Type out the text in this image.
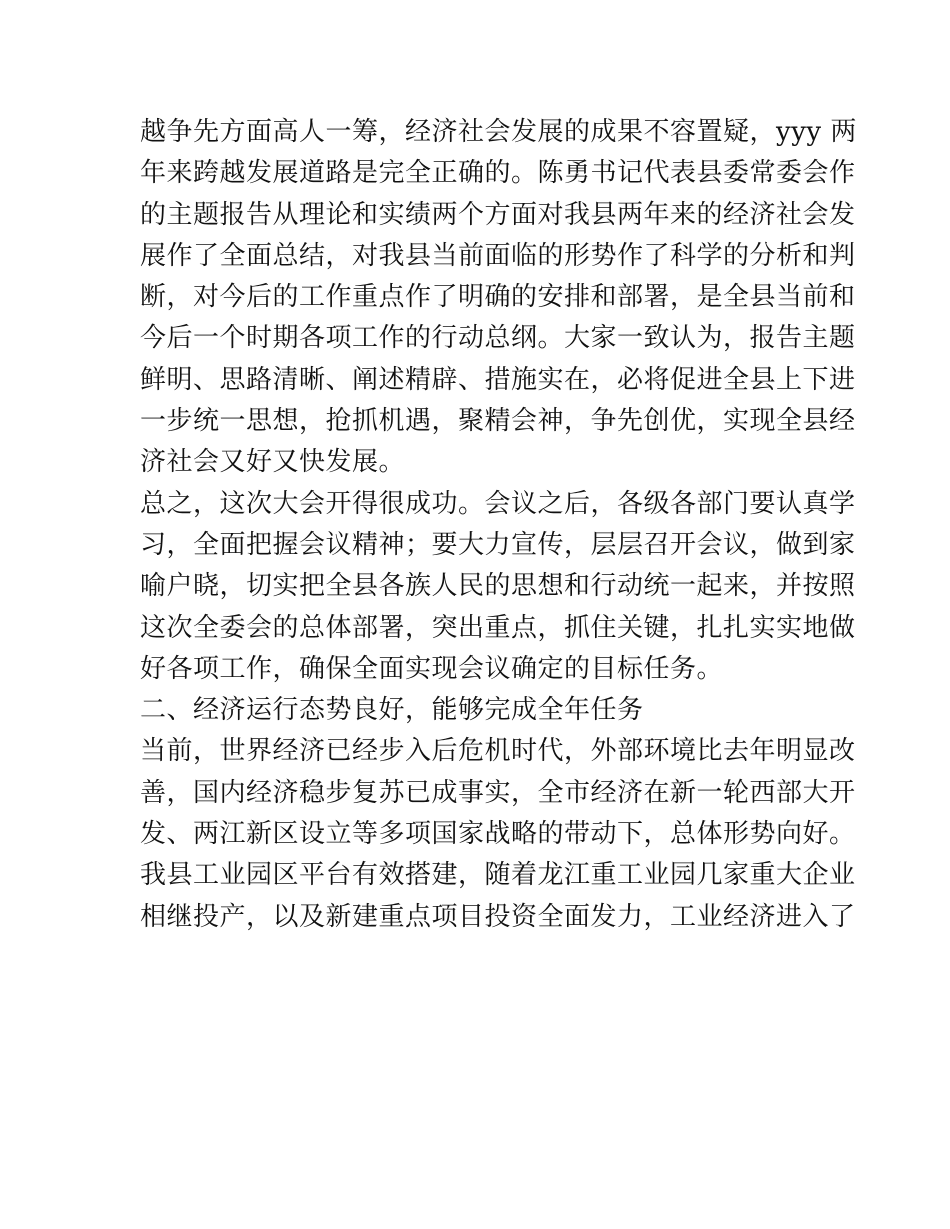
越争先方面高人一筹，经济社会发展的成果不容置疑，yyy 两
年来跨越发展道路是完全正确的。陈勇书记代表县委常委会作
的主题报告从理论和实绩两个方面对我县两年来的经济社会发
展作了全面总结，对我县当前面临的形势作了科学的分析和判
断，对今后的工作重点作了明确的安排和部署，是全县当前和
今后一个时期各项工作的行动总纲。大家一致认为，报告主题
鲜明、思路清晰、阐述精辟、措施实在，必将促进全县上下进
一步统一思想，抢抓机遇，聚精会神，争先创优，实现全县经
济社会又好又快发展。
总之，这次大会开得很成功。会议之后，各级各部门要认真学
习，全面把握会议精神；要大力宣传，层层召开会议，做到家
喻户晓，切实把全县各族人民的思想和行动统一起来，并按照
这次全委会的总体部署，突出重点，抓住关键，扎扎实实地做
好各项工作，确保全面实现会议确定的目标任务。
二、经济运行态势良好，能够完成全年任务
当前，世界经济已经步入后危机时代，外部环境比去年明显改
善，国内经济稳步复苏已成事实，全市经济在新一轮西部大开
发、两江新区设立等多项国家战略的带动下，总体形势向好。
我县工业园区平台有效搭建，随着龙江重工业园几家重大企业
相继投产，以及新建重点项目投资全面发力，工业经济进入了
